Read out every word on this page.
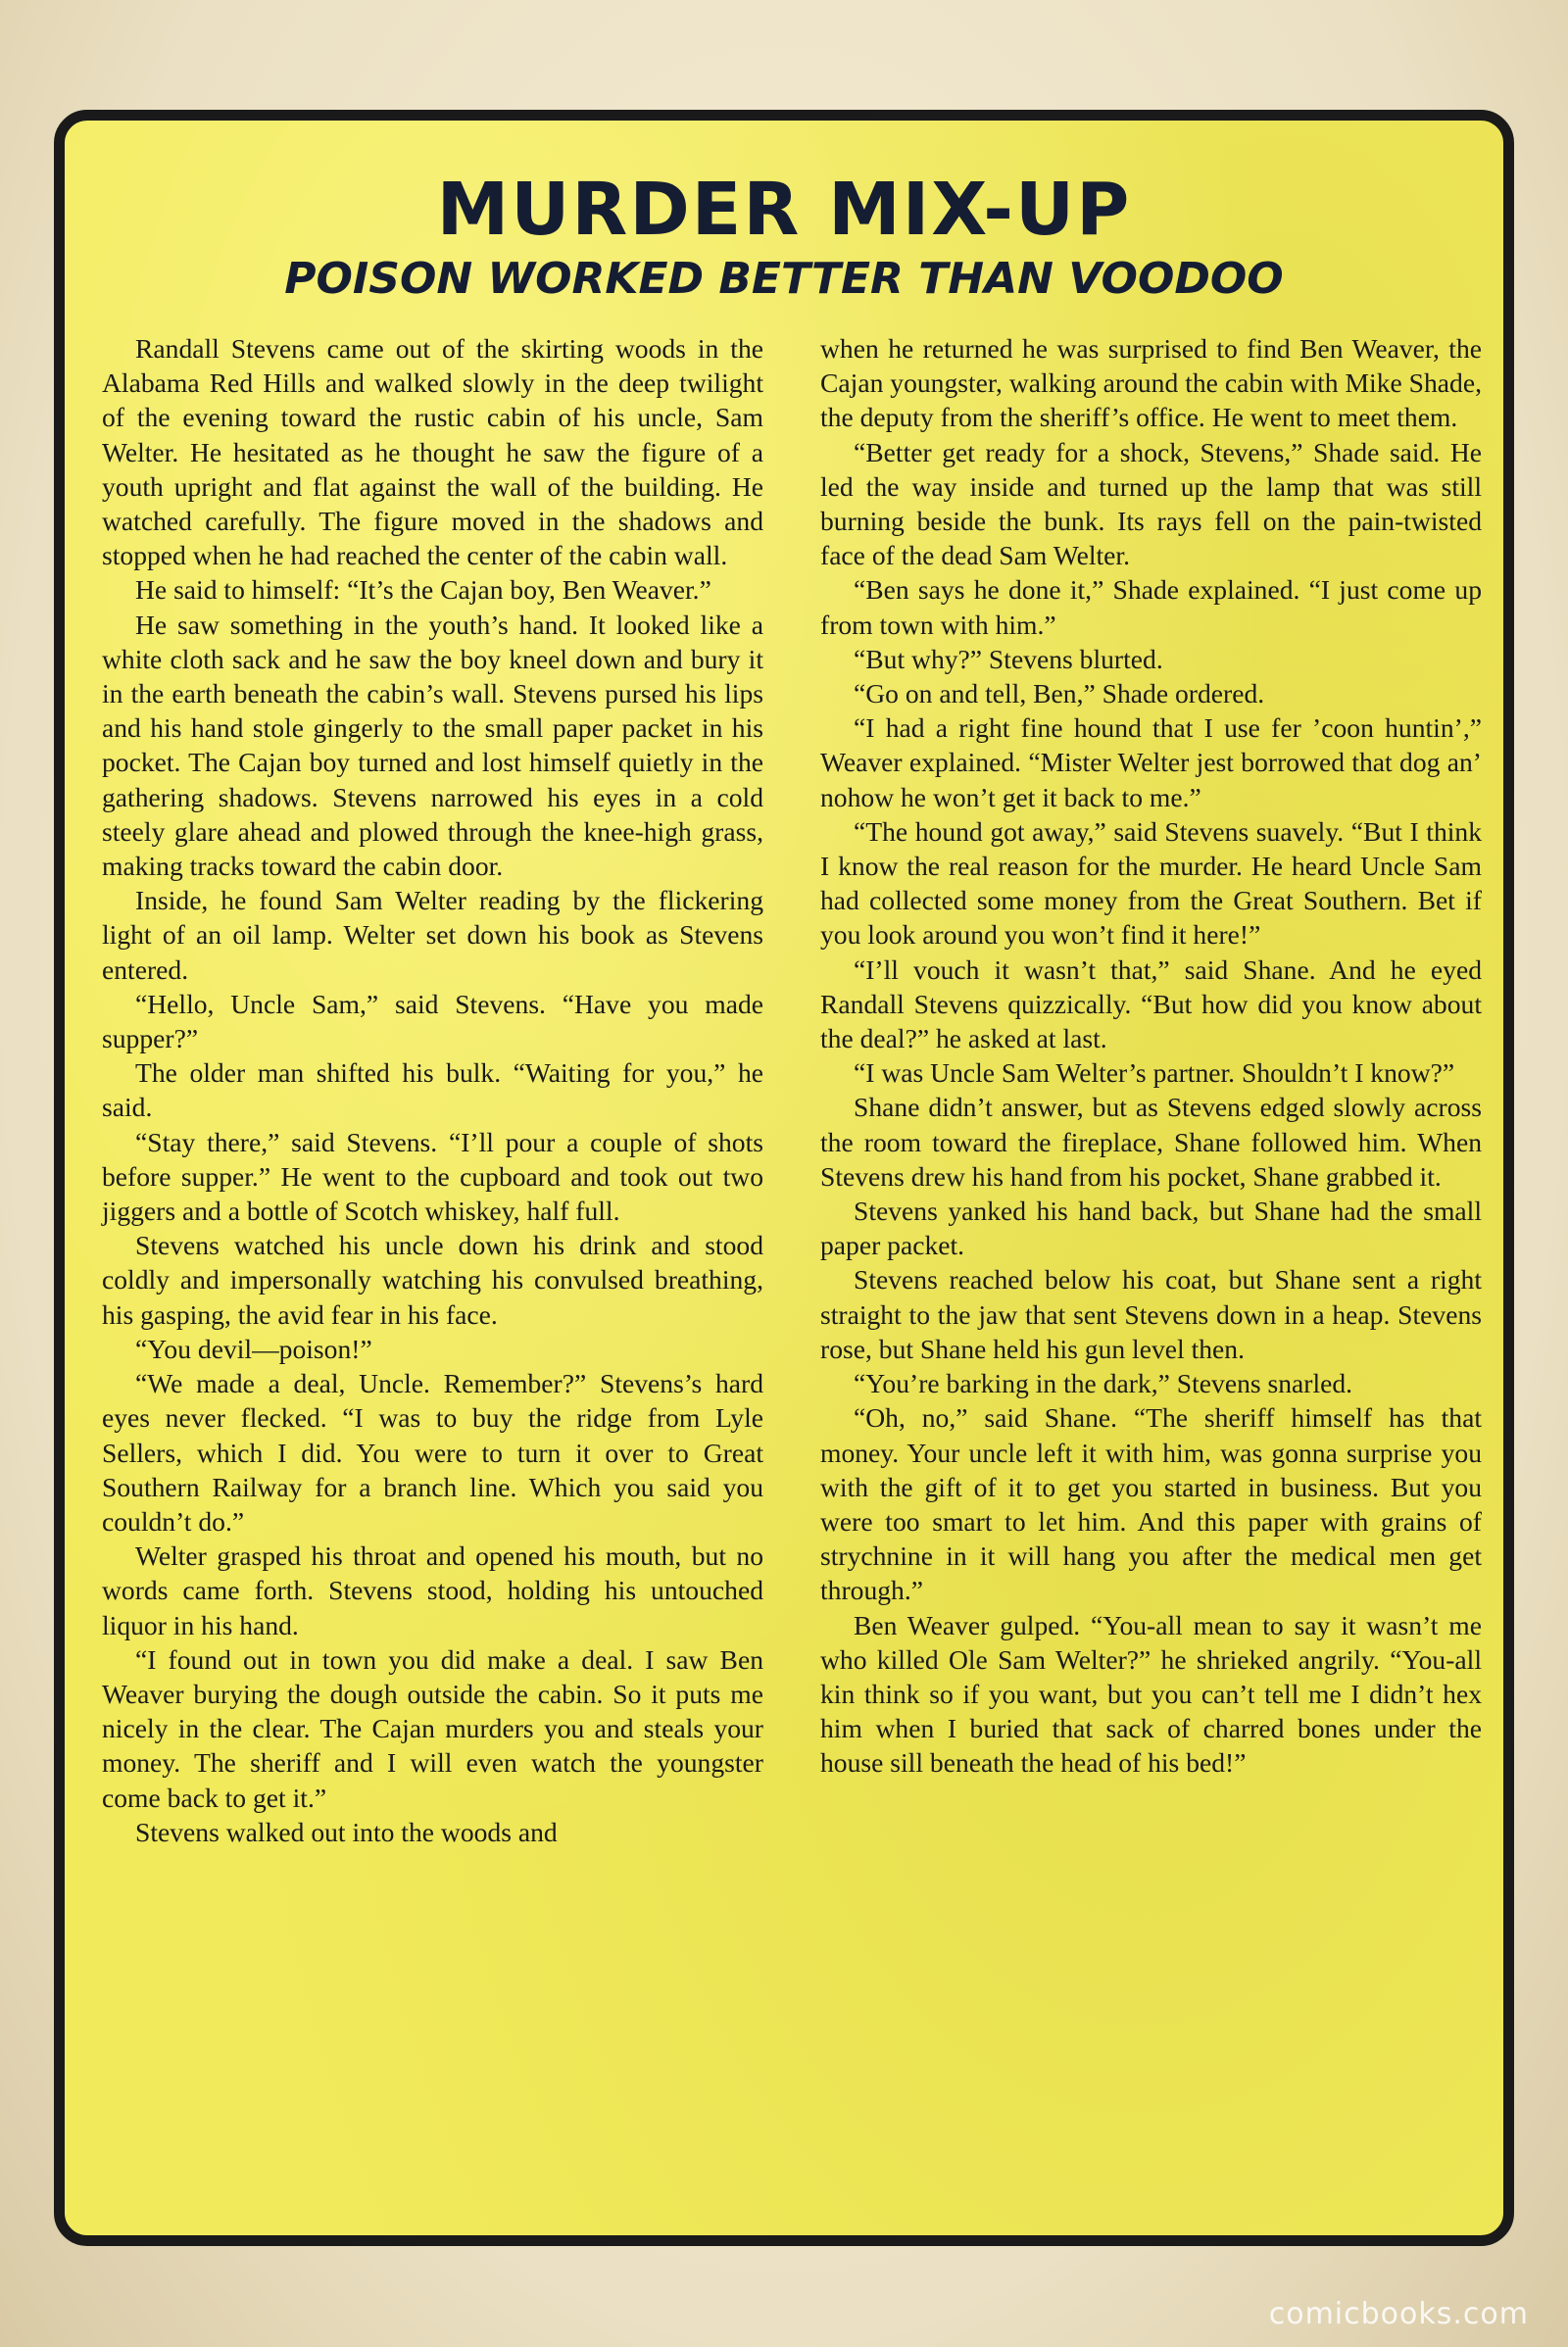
MURDER MIX-UP
POISON WORKED BETTER THAN VOODOO

Randall Stevens came out of the skirting woods in the Alabama Red Hills and walked slowly in the deep twilight of the evening toward the rustic cabin of his uncle, Sam Welter. He hesitated as he thought he saw the figure of a youth upright and flat against the wall of the building. He watched carefully. The figure moved in the shadows and stopped when he had reached the center of the cabin wall.

He said to himself: “It’s the Cajan boy, Ben Weaver.”

He saw something in the youth’s hand. It looked like a white cloth sack and he saw the boy kneel down and bury it in the earth beneath the cabin’s wall. Stevens pursed his lips and his hand stole gingerly to the small paper packet in his pocket. The Cajan boy turned and lost himself quietly in the gathering shadows. Stevens narrowed his eyes in a cold steely glare ahead and plowed through the knee-high grass, making tracks toward the cabin door.

Inside, he found Sam Welter reading by the flickering light of an oil lamp. Welter set down his book as Stevens entered.

“Hello, Uncle Sam,” said Stevens. “Have you made supper?”

The older man shifted his bulk. “Waiting for you,” he said.

“Stay there,” said Stevens. “I’ll pour a couple of shots before supper.” He went to the cupboard and took out two jiggers and a bottle of Scotch whiskey, half full.

Stevens watched his uncle down his drink and stood coldly and impersonally watching his convulsed breathing, his gasping, the avid fear in his face.

“You devil—poison!”

“We made a deal, Uncle. Remember?” Stevens’s hard eyes never flecked. “I was to buy the ridge from Lyle Sellers, which I did. You were to turn it over to Great Southern Railway for a branch line. Which you said you couldn’t do.”

Welter grasped his throat and opened his mouth, but no words came forth. Stevens stood, holding his untouched liquor in his hand.

“I found out in town you did make a deal. I saw Ben Weaver burying the dough outside the cabin. So it puts me nicely in the clear. The Cajan murders you and steals your money. The sheriff and I will even watch the youngster come back to get it.”

Stevens walked out into the woods and

when he returned he was surprised to find Ben Weaver, the Cajan youngster, walking around the cabin with Mike Shade, the deputy from the sheriff’s office. He went to meet them.

“Better get ready for a shock, Stevens,” Shade said. He led the way inside and turned up the lamp that was still burning beside the bunk. Its rays fell on the pain-twisted face of the dead Sam Welter.

“Ben says he done it,” Shade explained. “I just come up from town with him.”

“But why?” Stevens blurted.

“Go on and tell, Ben,” Shade ordered.

“I had a right fine hound that I use fer ’coon huntin’,” Weaver explained. “Mister Welter jest borrowed that dog an’ nohow he won’t get it back to me.”

“The hound got away,” said Stevens suavely. “But I think I know the real reason for the murder. He heard Uncle Sam had collected some money from the Great Southern. Bet if you look around you won’t find it here!”

“I’ll vouch it wasn’t that,” said Shane. And he eyed Randall Stevens quizzically. “But how did you know about the deal?” he asked at last.

“I was Uncle Sam Welter’s partner. Shouldn’t I know?”

Shane didn’t answer, but as Stevens edged slowly across the room toward the fireplace, Shane followed him. When Stevens drew his hand from his pocket, Shane grabbed it.

Stevens yanked his hand back, but Shane had the small paper packet.

Stevens reached below his coat, but Shane sent a right straight to the jaw that sent Stevens down in a heap. Stevens rose, but Shane held his gun level then.

“You’re barking in the dark,” Stevens snarled.

“Oh, no,” said Shane. “The sheriff himself has that money. Your uncle left it with him, was gonna surprise you with the gift of it to get you started in business. But you were too smart to let him. And this paper with grains of strychnine in it will hang you after the medical men get through.”

Ben Weaver gulped. “You-all mean to say it wasn’t me who killed Ole Sam Welter?” he shrieked angrily. “You-all kin think so if you want, but you can’t tell me I didn’t hex him when I buried that sack of charred bones under the house sill beneath the head of his bed!”

comicbooks.com
